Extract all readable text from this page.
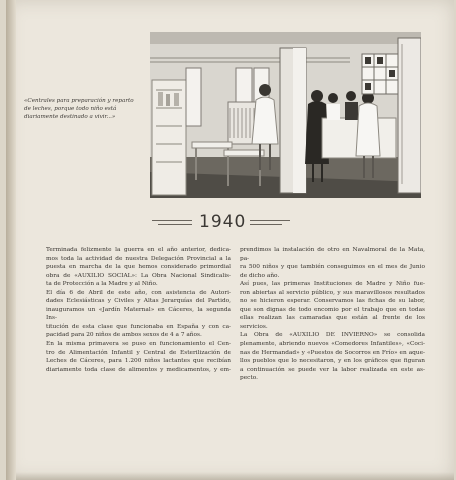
«Centrales para preparación y reparto de leches, porque todo niño está diariamente destinado a vivir...»
1940

Terminada felizmente la guerra en el año anterior, dedica-

mos toda la actividad de nuestra Delegación Provincial a la

puesta en marcha de la que hemos considerado primordial

obra de «AUXILIO SOCIAL»: La Obra Nacional Sindicalis-

ta de Protección a la Madre y al Niño.

El día 6 de Abril de este año, con asistencia de Autori-

dades Eclesiásticas y Civiles y Altas Jerarquías del Partido,

inauguramos un «Jardín Maternal» en Cáceres, la segunda Ins-

titución de esta clase que funcionaba en España y con ca-

pacidad para 20 niños de ambos sexos de 4 a 7 años.

En la misma primavera se puso en funcionamiento el Cen-

tro de Alimentación Infantil y Central de Esterilización de

Leches de Cáceres, para 1.200 niños lactantes que recibían

diariamente toda clase de alimentos y medicamentos, y em-

prendimos la instalación de otro en Navalmoral de la Mata, pa-

ra 500 niños y que también conseguimos en el mes de Junio

de dicho año.

Así pues, las primeras Instituciones de Madre y Niño fue-

ron abiertas al servicio público, y sus maravillosos resultados

no se hicieron esperar. Conservamos las fichas de su labor,

que son dignas de todo encomio por el trabajo que en todas

ellas realizan las camaradas que están al frente de los servicios.

La Obra de «AUXILIO DE INVIERNO» se consolida

plenamente, abriendo nuevos «Comedores Infantiles», «Coci-

nas de Hermandad» y «Puestos de Socorros en Frío» en aque-

llos pueblos que lo necesitaron, y en los gráficos que figuran

a continuación se puede ver la labor realizada en este as-

pecto.
